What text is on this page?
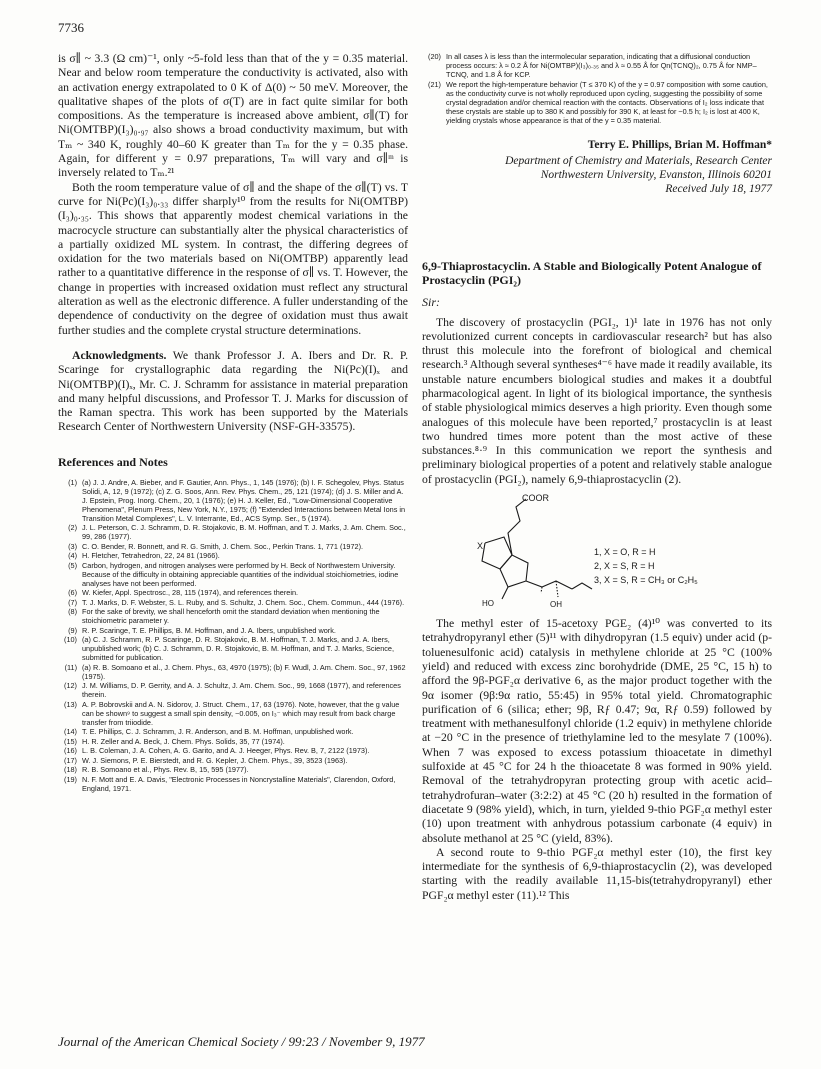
7736

is σ∥ ~ 3.3 (Ω cm)⁻¹, only ~5-fold less than that of the y = 0.35 material. Near and below room temperature the conductivity is activated, also with an activation energy extrapolated to 0 K of Δ(0) ~ 50 meV. Moreover, the qualitative shapes of the plots of σ(T) are in fact quite similar for both compositions. As the temperature is increased above ambient, σ∥(T) for Ni(OMTBP)(I₃)₀.₉₇ also shows a broad conductivity maximum, but with Tₘ ~ 340 K, roughly 40–60 K greater than Tₘ for the y = 0.35 phase. Again, for different y = 0.97 preparations, Tₘ will vary and σ∥ᵐ is inversely related to Tₘ.²¹

Both the room temperature value of σ∥ and the shape of the σ∥(T) vs. T curve for Ni(Pc)(I₃)₀.₃₃ differ sharply¹⁰ from the results for Ni(OMTBP)(I₃)₀.₃₅. This shows that apparently modest chemical variations in the macrocycle structure can substantially alter the physical characteristics of a partially oxidized ML system. In contrast, the differing degrees of oxidation for the two materials based on Ni(OMTBP) apparently lead rather to a quantitative difference in the response of σ∥ vs. T. However, the change in properties with increased oxidation must reflect any structural alteration as well as the electronic difference. A fuller understanding of the dependence of conductivity on the degree of oxidation must thus await further studies and the complete crystal structure determinations.

Acknowledgments. We thank Professor J. A. Ibers and Dr. R. P. Scaringe for crystallographic data regarding the Ni(Pc)(I)ₓ and Ni(OMTBP)(I)ₓ, Mr. C. J. Schramm for assistance in material preparation and many helpful discussions, and Professor T. J. Marks for discussion of the Raman spectra. This work has been supported by the Materials Research Center of Northwestern University (NSF-GH-33575).

References and Notes
(1) (a) J. J. Andre, A. Bieber, and F. Gautier, Ann. Phys., 1, 145 (1976); (b) I. F. Schegolev, Phys. Status Solidi, A, 12, 9 (1972); (c) Z. G. Soos, Ann. Rev. Phys. Chem., 25, 121 (1974); (d) J. S. Miller and A. J. Epstein, Prog. Inorg. Chem., 20, 1 (1976); (e) H. J. Keller, Ed., "Low-Dimensional Cooperative Phenomena", Plenum Press, New York, N.Y., 1975; (f) "Extended Interactions between Metal Ions in Transition Metal Complexes", L. V. Interrante, Ed., ACS Symp. Ser., 5 (1974).
(2) J. L. Peterson, C. J. Schramm, D. R. Stojakovic, B. M. Hoffman, and T. J. Marks, J. Am. Chem. Soc., 99, 286 (1977).
(3) C. O. Bender, R. Bonnett, and R. G. Smith, J. Chem. Soc., Perkin Trans. 1, 771 (1972).
(4) H. Fletcher, Tetrahedron, 22, 24 81 (1966).
(5) Carbon, hydrogen, and nitrogen analyses were performed by H. Beck of Northwestern University. Because of the difficulty in obtaining appreciable quantities of the individual stoichiometries, iodine analyses have not been performed.
(6) W. Kiefer, Appl. Spectrosc., 28, 115 (1974), and references therein.
(7) T. J. Marks, D. F. Webster, S. L. Ruby, and S. Schultz, J. Chem. Soc., Chem. Commun., 444 (1976).
(8) For the sake of brevity, we shall henceforth omit the standard deviation when mentioning the stoichiometric parameter y.
(9) R. P. Scaringe, T. E. Phillips, B. M. Hoffman, and J. A. Ibers, unpublished work.
(10) (a) C. J. Schramm, R. P. Scaringe, D. R. Stojakovic, B. M. Hoffman, T. J. Marks, and J. A. Ibers, unpublished work; (b) C. J. Schramm, D. R. Stojakovic, B. M. Hoffman, and T. J. Marks, Science, submitted for publication.
(11) (a) R. B. Somoano et al., J. Chem. Phys., 63, 4970 (1975); (b) F. Wudl, J. Am. Chem. Soc., 97, 1962 (1975).
(12) J. M. Williams, D. P. Gerrity, and A. J. Schultz, J. Am. Chem. Soc., 99, 1668 (1977), and references therein.
(13) A. P. Bobrovskii and A. N. Sidorov, J. Struct. Chem., 17, 63 (1976). Note, however, that the g value can be shown⁹ to suggest a small spin density, ~0.005, on I₃⁻ which may result from back charge transfer from triiodide.
(14) T. E. Phillips, C. J. Schramm, J. R. Anderson, and B. M. Hoffman, unpublished work.
(15) H. R. Zeller and A. Beck, J. Chem. Phys. Solids, 35, 77 (1974).
(16) L. B. Coleman, J. A. Cohen, A. G. Garito, and A. J. Heeger, Phys. Rev. B, 7, 2122 (1973).
(17) W. J. Siemons, P. E. Bierstedt, and R. G. Kepler, J. Chem. Phys., 39, 3523 (1963).
(18) R. B. Somoano et al., Phys. Rev. B, 15, 595 (1977).
(19) N. F. Mott and E. A. Davis, "Electronic Processes in Noncrystalline Materials", Clarendon, Oxford, England, 1971.
(20) In all cases λ is less than the intermolecular separation, indicating that a diffusional conduction process occurs: λ ≈ 0.2 Å for Ni(OMTBP)(I₃)₀.₃₅ and λ ≈ 0.55 Å for Qn(TCNQ)₂, 0.75 Å for NMP–TCNQ, and 1.8 Å for KCP.
(21) We report the high-temperature behavior (T ≤ 370 K) of the y = 0.97 composition with some caution, as the conductivity curve is not wholly reproduced upon cycling, suggesting the possibility of some crystal degradation and/or chemical reaction with the contacts. Observations of I₂ loss indicate that these crystals are stable up to 380 K and possibly for 390 K, at least for ~0.5 h; I₂ is lost at 400 K, yielding crystals whose appearance is that of the y = 0.35 material.
Terry E. Phillips, Brian M. Hoffman*
Department of Chemistry and Materials, Research Center
Northwestern University, Evanston, Illinois 60201
Received July 18, 1977
6,9-Thiaprostacyclin. A Stable and Biologically Potent Analogue of Prostacyclin (PGI₂)
Sir:

The discovery of prostacyclin (PGI₂, 1)¹ late in 1976 has not only revolutionized current concepts in cardiovascular research² but has also thrust this molecule into the forefront of biological and chemical research.³ Although several syntheses⁴⁻⁶ have made it readily available, its unstable nature encumbers biological studies and makes it a doubtful pharmacological agent. In light of its biological importance, the synthesis of stable physiological mimics deserves a high priority. Even though some analogues of this molecule have been reported,⁷ prostacyclin is at least two hundred times more potent than the most active of these substances.⁸·⁹ In this communication we report the synthesis and preliminary biological properties of a potent and relatively stable analogue of prostacyclin (PGI₂), namely 6,9-thiaprostacyclin (2).

COOR
X
HO	OH
1, X = O, R = H
2, X = S, R = H
3, X = S, R = CH₃ or C₂H₅

The methyl ester of 15-acetoxy PGE₂ (4)¹⁰ was converted to its tetrahydropyranyl ether (5)¹¹ with dihydropyran (1.5 equiv) under acid (p-toluenesulfonic acid) catalysis in methylene chloride at 25 °C (100% yield) and reduced with excess zinc borohydride (DME, 25 °C, 15 h) to afford the 9β-PGF₂α derivative 6, as the major product together with the 9α isomer (9β:9α ratio, 55:45) in 95% total yield. Chromatographic purification of 6 (silica; ether; 9β, Rƒ 0.47; 9α, Rƒ 0.59) followed by treatment with methanesulfonyl chloride (1.2 equiv) in methylene chloride at −20 °C in the presence of triethylamine led to the mesylate 7 (100%). When 7 was exposed to excess potassium thioacetate in dimethyl sulfoxide at 45 °C for 24 h the thioacetate 8 was formed in 90% yield. Removal of the tetrahydropyran protecting group with acetic acid–tetrahydrofuran–water (3:2:2) at 45 °C (20 h) resulted in the formation of diacetate 9 (98% yield), which, in turn, yielded 9-thio PGF₂α methyl ester (10) upon treatment with anhydrous potassium carbonate (4 equiv) in absolute methanol at 25 °C (yield, 83%).

A second route to 9-thio PGF₂α methyl ester (10), the first key intermediate for the synthesis of 6,9-thiaprostacyclin (2), was developed starting with the readily available 11,15-bis(tetrahydropyranyl) ether PGF₂α methyl ester (11).¹² This

Journal of the American Chemical Society / 99:23 / November 9, 1977
